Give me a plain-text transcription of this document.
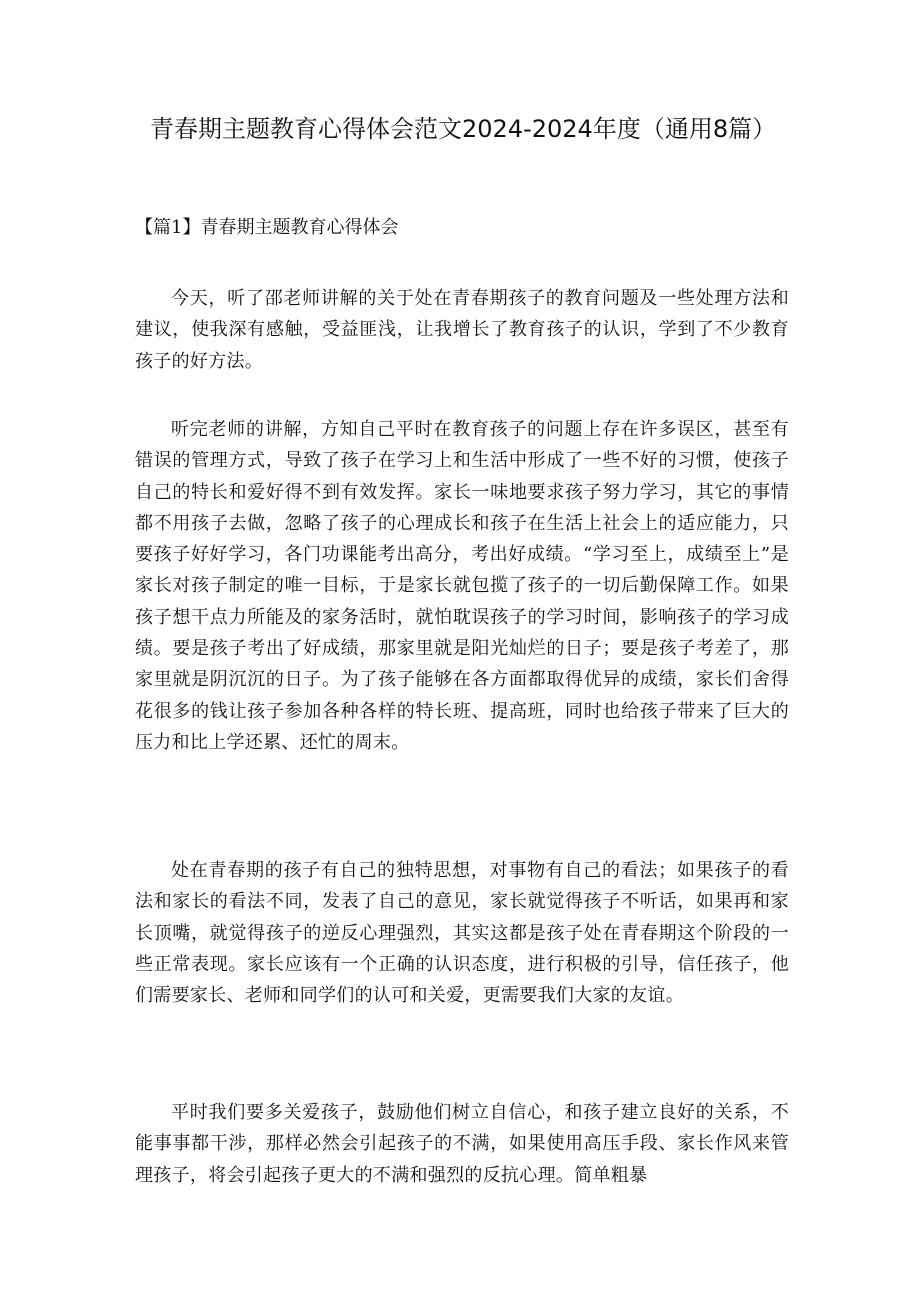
青春期主题教育心得体会范文2024-2024年度（通用8篇）
【篇1】青春期主题教育心得体会

今天，听了邵老师讲解的关于处在青春期孩子的教育问题及一些处理方法和建议，使我深有感触，受益匪浅，让我增长了教育孩子的认识，学到了不少教育孩子的好方法。

听完老师的讲解，方知自己平时在教育孩子的问题上存在许多误区，甚至有错误的管理方式，导致了孩子在学习上和生活中形成了一些不好的习惯，使孩子自己的特长和爱好得不到有效发挥。家长一味地要求孩子努力学习，其它的事情都不用孩子去做，忽略了孩子的心理成长和孩子在生活上社会上的适应能力，只要孩子好好学习，各门功课能考出高分，考出好成绩。“学习至上，成绩至上”是家长对孩子制定的唯一目标，于是家长就包揽了孩子的一切后勤保障工作。如果孩子想干点力所能及的家务活时，就怕耽误孩子的学习时间，影响孩子的学习成绩。要是孩子考出了好成绩，那家里就是阳光灿烂的日子；要是孩子考差了，那家里就是阴沉沉的日子。为了孩子能够在各方面都取得优异的成绩，家长们舍得花很多的钱让孩子参加各种各样的特长班、提高班，同时也给孩子带来了巨大的压力和比上学还累、还忙的周末。

处在青春期的孩子有自己的独特思想，对事物有自己的看法；如果孩子的看法和家长的看法不同，发表了自己的意见，家长就觉得孩子不听话，如果再和家长顶嘴，就觉得孩子的逆反心理强烈，其实这都是孩子处在青春期这个阶段的一些正常表现。家长应该有一个正确的认识态度，进行积极的引导，信任孩子，他们需要家长、老师和同学们的认可和关爱，更需要我们大家的友谊。

平时我们要多关爱孩子，鼓励他们树立自信心，和孩子建立良好的关系，不能事事都干涉，那样必然会引起孩子的不满，如果使用高压手段、家长作风来管理孩子，将会引起孩子更大的不满和强烈的反抗心理。简单粗暴
